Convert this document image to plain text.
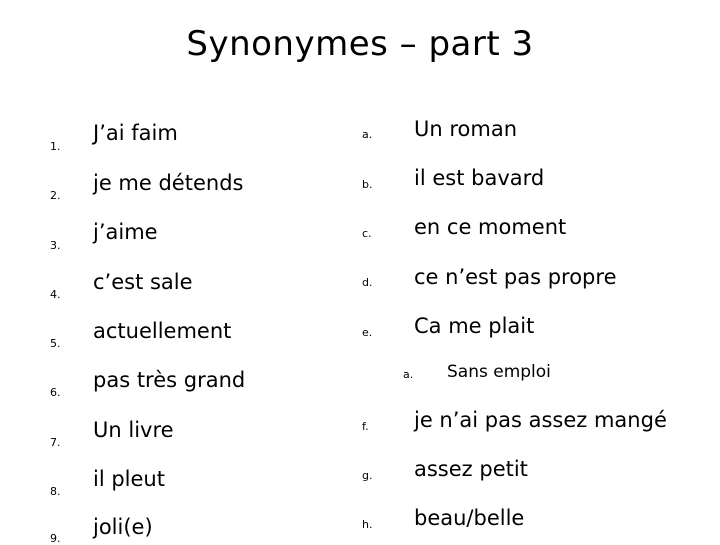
Synonymes – part 3
1.
J’ai faim
2.
je me détends
3.
j’aime
4.
c’est sale
5.
actuellement
6.
pas très grand
7.
Un livre
8.
il pleut
9. joli(e)
a. Un roman
b. il est bavard
c. en ce moment
d. ce n’est pas propre
e. Ca me plait
a. Sans emploi
f. je n’ai pas assez mangé
g. assez petit
h. beau/belle
